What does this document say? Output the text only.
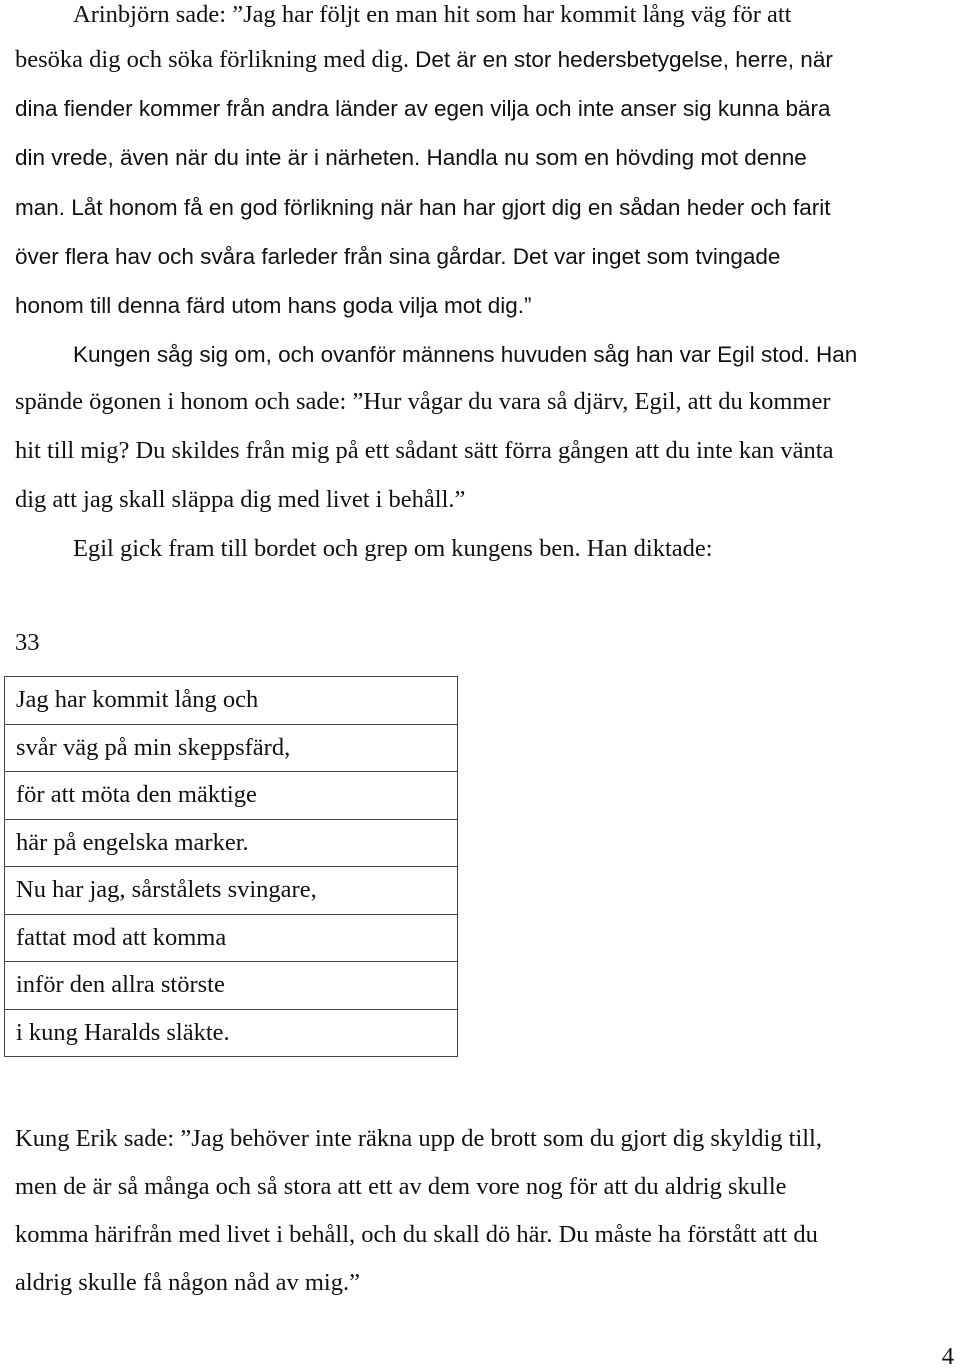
Arinbjörn sade: ”Jag har följt en man hit som har kommit lång väg för att
besöka dig och söka förlikning med dig. Det är en stor hedersbetygelse, herre, när
dina fiender kommer från andra länder av egen vilja och inte anser sig kunna bära
din vrede, även när du inte är i närheten. Handla nu som en hövding mot denne
man. Låt honom få en god förlikning när han har gjort dig en sådan heder och farit
över flera hav och svåra farleder från sina gårdar. Det var inget som tvingade
honom till denna färd utom hans goda vilja mot dig.”
Kungen såg sig om, och ovanför männens huvuden såg han var Egil stod. Han
spände ögonen i honom och sade: ”Hur vågar du vara så djärv, Egil, att du kommer
hit till mig? Du skildes från mig på ett sådant sätt förra gången att du inte kan vänta
dig att jag skall släppa dig med livet i behåll.”
Egil gick fram till bordet och grep om kungens ben. Han diktade:
33
Jag har kommit lång och
svår väg på min skeppsfärd,
för att möta den mäktige
här på engelska marker.
Nu har jag, sårstålets svingare,
fattat mod att komma
inför den allra störste
i kung Haralds släkte.
Kung Erik sade: ”Jag behöver inte räkna upp de brott som du gjort dig skyldig till,
men de är så många och så stora att ett av dem vore nog för att du aldrig skulle
komma härifrån med livet i behåll, och du skall dö här. Du måste ha förstått att du
aldrig skulle få någon nåd av mig.”
4
